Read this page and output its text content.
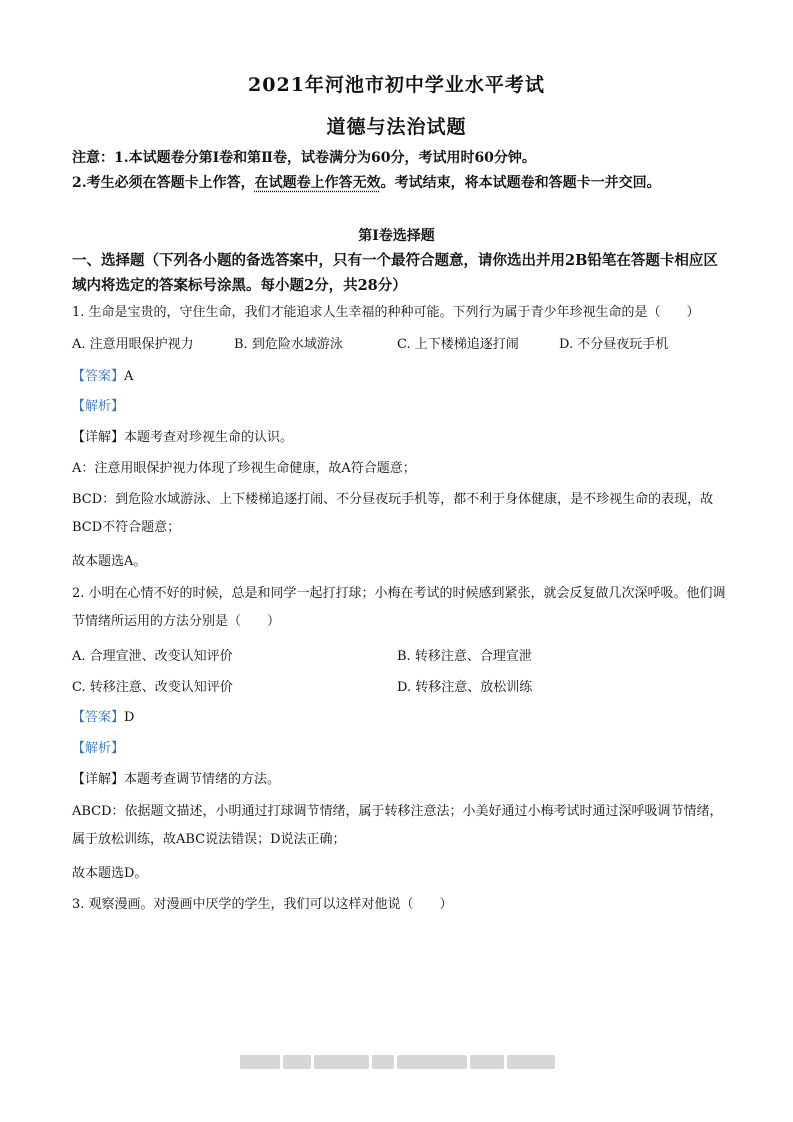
2021年河池市初中学业水平考试
道德与法治试题
注意：1.本试题卷分第Ⅰ卷和第Ⅱ卷，试卷满分为60分，考试用时60分钟。
2.考生必须在答题卡上作答，在试题卷上作答无效。考试结束，将本试题卷和答题卡一并交回。
第Ⅰ卷选择题
一、选择题（下列各小题的备选答案中，只有一个最符合题意，请你选出并用2B铅笔在答题卡相应区域内将选定的答案标号涂黑。每小题2分，共28分）
1. 生命是宝贵的，守住生命，我们才能追求人生幸福的种种可能。下列行为属于青少年珍视生命的是（　　）
A. 注意用眼保护视力	B. 到危险水域游泳	C. 上下楼梯追逐打闹	D. 不分昼夜玩手机
【答案】A
【解析】
【详解】本题考查对珍视生命的认识。
A：注意用眼保护视力体现了珍视生命健康，故A符合题意；
BCD：到危险水域游泳、上下楼梯追逐打闹、不分昼夜玩手机等，都不利于身体健康，是不珍视生命的表现，故BCD不符合题意；
故本题选A。
2. 小明在心情不好的时候，总是和同学一起打打球；小梅在考试的时候感到紧张，就会反复做几次深呼吸。他们调节情绪所运用的方法分别是（　　）
A. 合理宣泄、改变认知评价	B. 转移注意、合理宣泄
C. 转移注意、改变认知评价	D. 转移注意、放松训练
【答案】D
【解析】
【详解】本题考查调节情绪的方法。
ABCD：依据题文描述，小明通过打球调节情绪，属于转移注意法；小美好通过小梅考试时通过深呼吸调节情绪，属于放松训练，故ABC说法错误；D说法正确；
故本题选D。
3. 观察漫画。对漫画中厌学的学生，我们可以这样对他说（　　）
